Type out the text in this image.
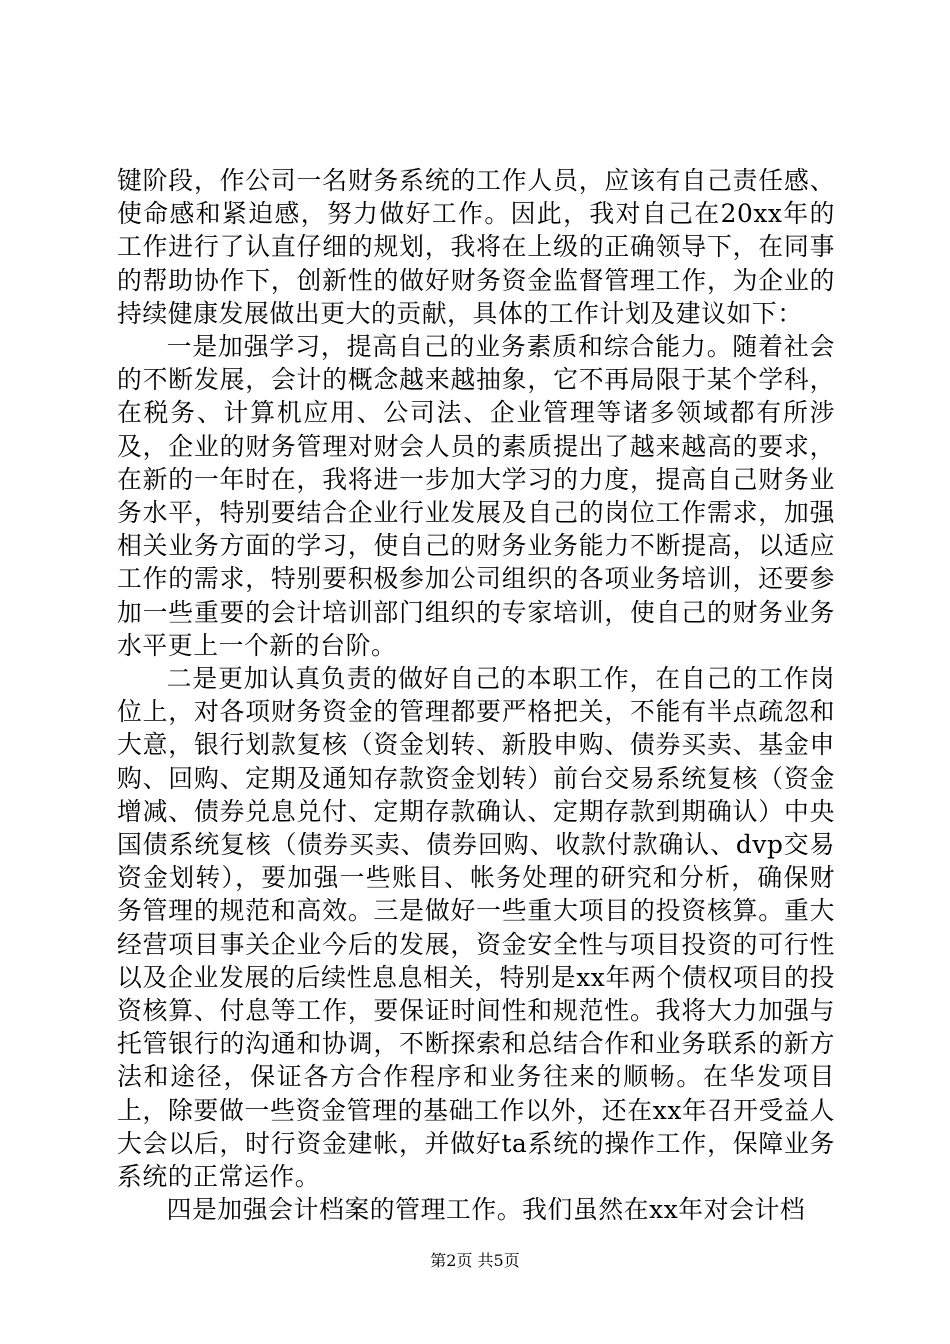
键阶段，作公司一名财务系统的工作人员，应该有自己责任感、使命感和紧迫感，努力做好工作。因此，我对自己在20xx年的工作进行了认直仔细的规划，我将在上级的正确领导下，在同事的帮助协作下，创新性的做好财务资金监督管理工作，为企业的持续健康发展做出更大的贡献，具体的工作计划及建议如下：

一是加强学习，提高自己的业务素质和综合能力。随着社会的不断发展，会计的概念越来越抽象，它不再局限于某个学科，在税务、计算机应用、公司法、企业管理等诸多领域都有所涉及，企业的财务管理对财会人员的素质提出了越来越高的要求，在新的一年时在，我将进一步加大学习的力度，提高自己财务业务水平，特别要结合企业行业发展及自己的岗位工作需求，加强相关业务方面的学习，使自己的财务业务能力不断提高，以适应工作的需求，特别要积极参加公司组织的各项业务培训，还要参加一些重要的会计培训部门组织的专家培训，使自己的财务业务水平更上一个新的台阶。

二是更加认真负责的做好自己的本职工作，在自己的工作岗位上，对各项财务资金的管理都要严格把关，不能有半点疏忽和大意，银行划款复核（资金划转、新股申购、债券买卖、基金申购、回购、定期及通知存款资金划转）前台交易系统复核（资金增减、债券兑息兑付、定期存款确认、定期存款到期确认）中央国债系统复核（债券买卖、债券回购、收款付款确认、dvp交易资金划转），要加强一些账目、帐务处理的研究和分析，确保财务管理的规范和高效。三是做好一些重大项目的投资核算。重大经营项目事关企业今后的发展，资金安全性与项目投资的可行性以及企业发展的后续性息息相关，特别是xx年两个债权项目的投资核算、付息等工作，要保证时间性和规范性。我将大力加强与托管银行的沟通和协调，不断探索和总结合作和业务联系的新方法和途径，保证各方合作程序和业务往来的顺畅。在华发项目上，除要做一些资金管理的基础工作以外，还在xx年召开受益人大会以后，时行资金建帐，并做好ta系统的操作工作，保障业务系统的正常运作。

四是加强会计档案的管理工作。我们虽然在xx年对会计档

第2页 共5页
